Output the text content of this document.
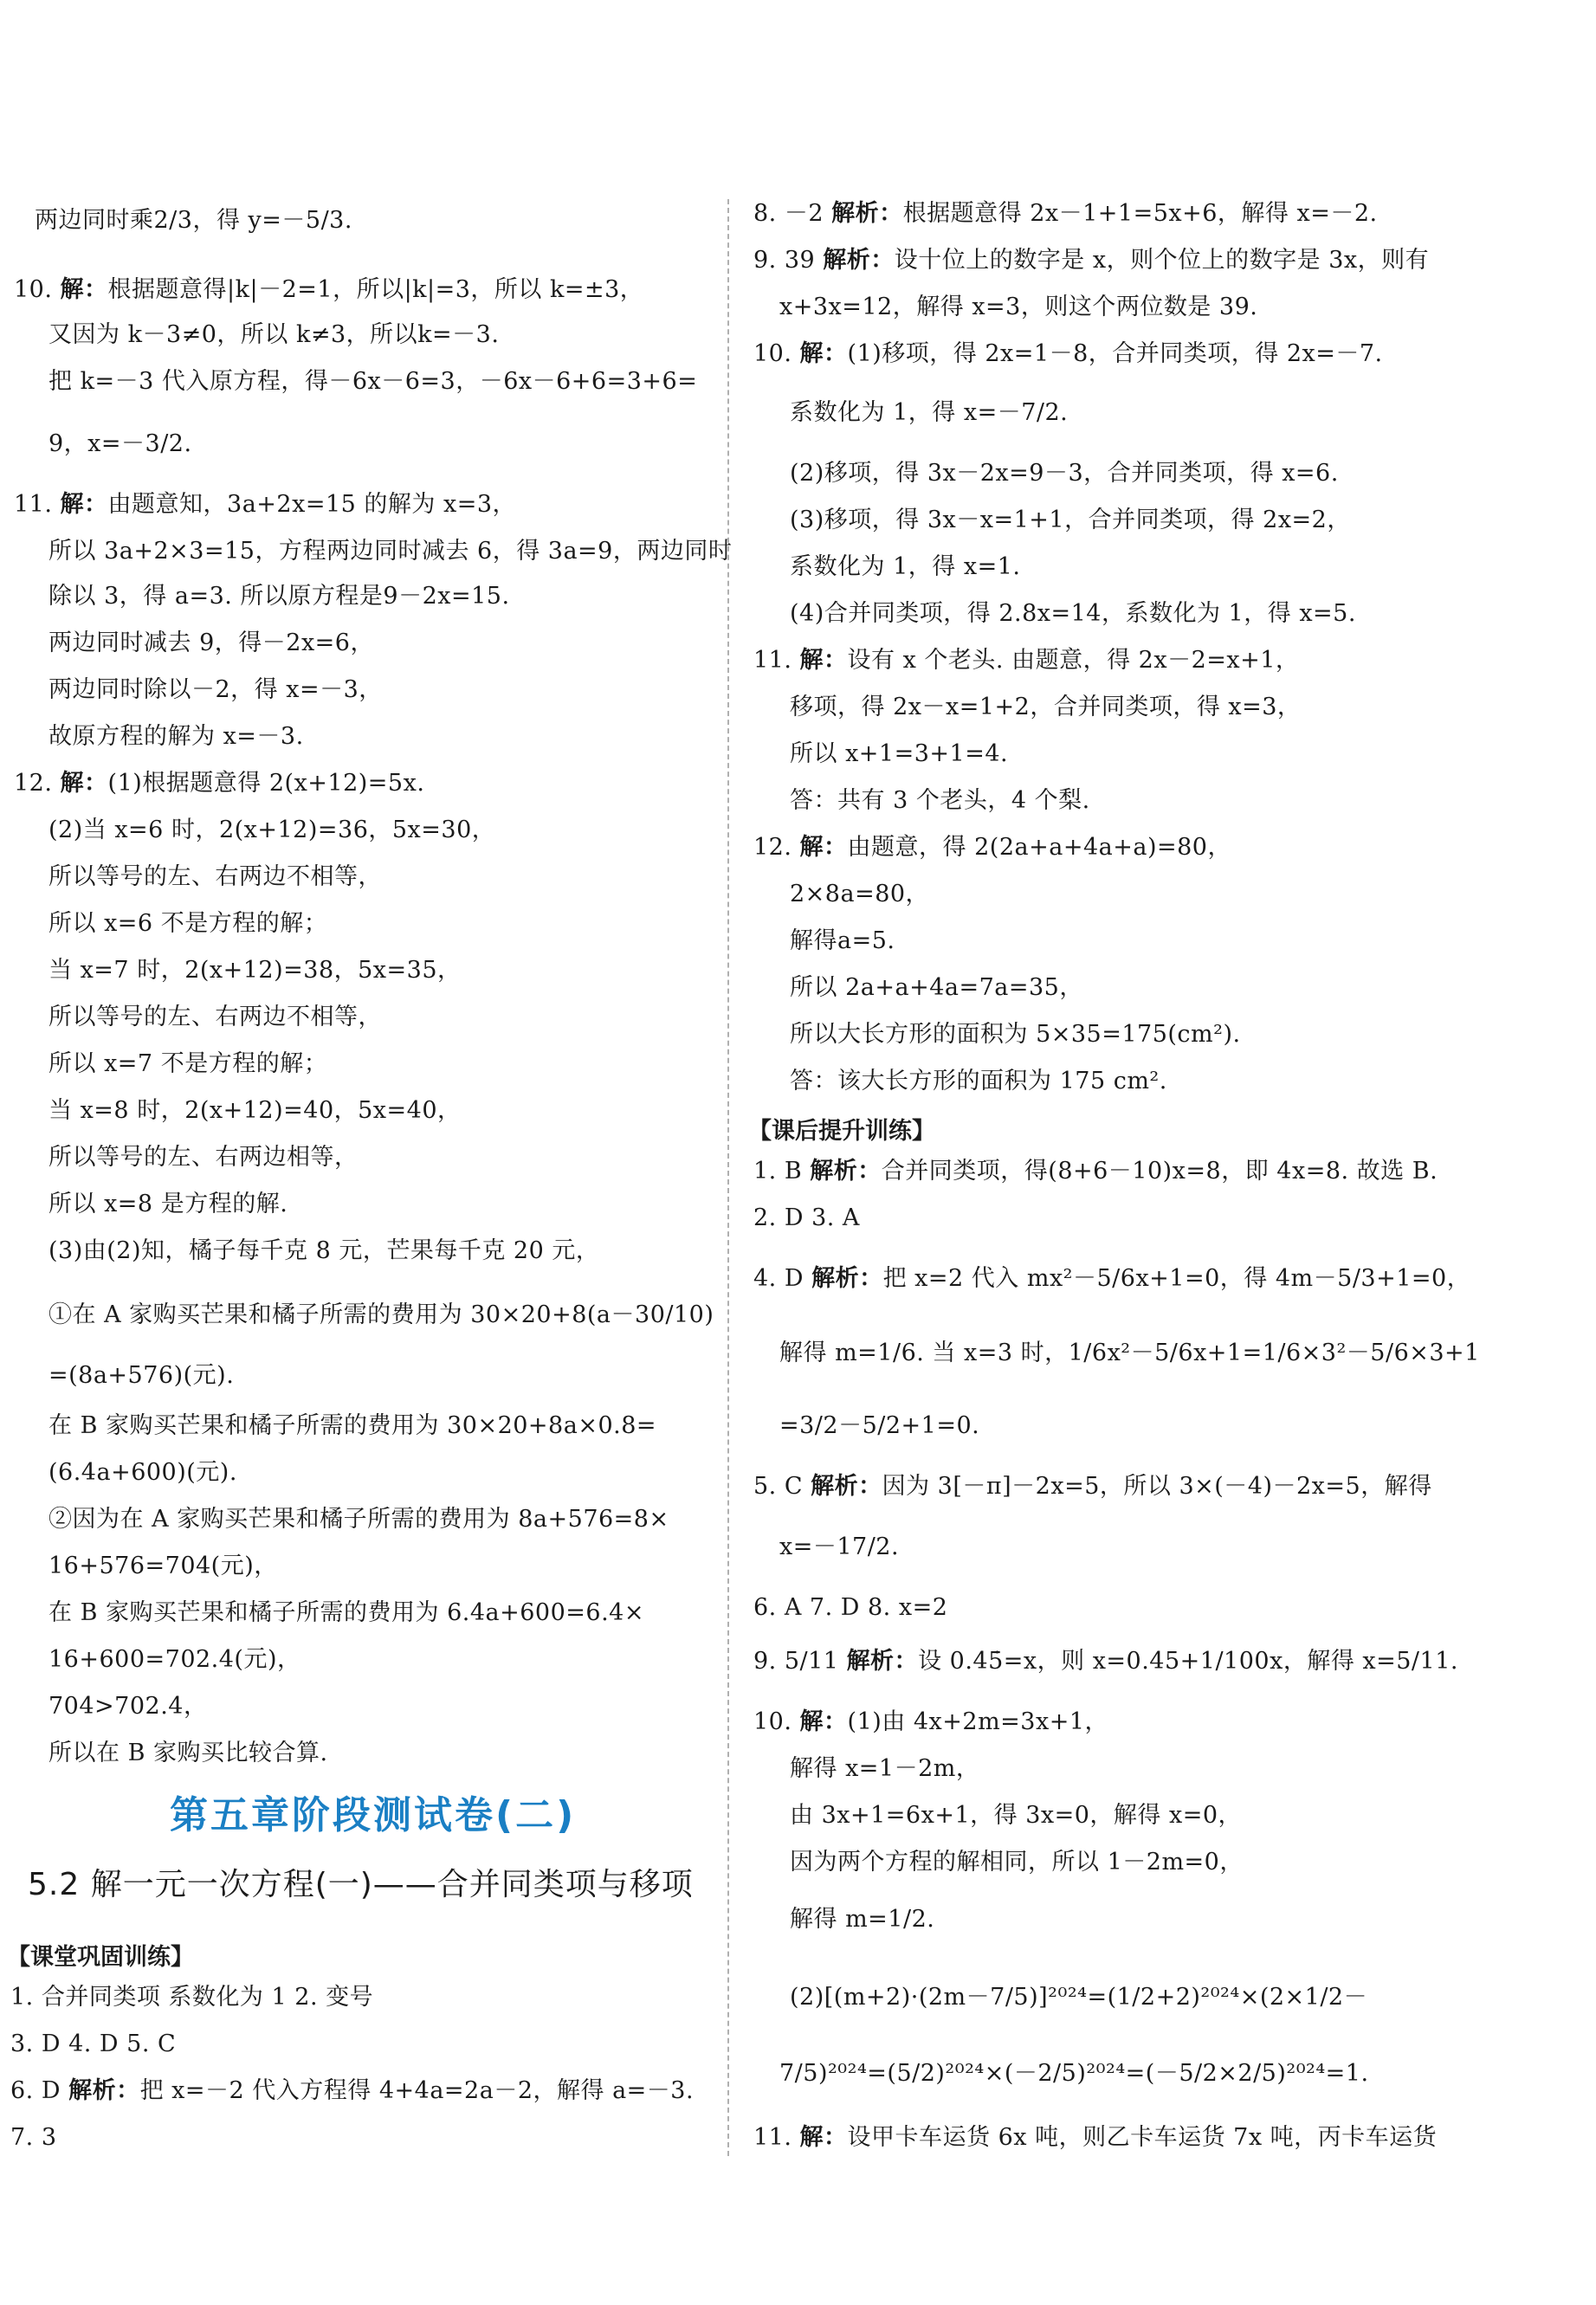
两边同时乘2/3，得 y=－5/3.
10. 解：根据题意得|k|－2=1，所以|k|=3，所以 k=±3，
又因为 k－3≠0，所以 k≠3，所以k=－3.
把 k=－3 代入原方程，得－6x－6=3，－6x－6+6=3+6=
9，x=－3/2.
11. 解：由题意知，3a+2x=15 的解为 x=3，
所以 3a+2×3=15，方程两边同时减去 6，得 3a=9，两边同时
除以 3，得 a=3. 所以原方程是9－2x=15.
两边同时减去 9，得－2x=6，
两边同时除以－2，得 x=－3，
故原方程的解为 x=－3.
12. 解：(1)根据题意得 2(x+12)=5x.
(2)当 x=6 时，2(x+12)=36，5x=30，
所以等号的左、右两边不相等，
所以 x=6 不是方程的解；
当 x=7 时，2(x+12)=38，5x=35，
所以等号的左、右两边不相等，
所以 x=7 不是方程的解；
当 x=8 时，2(x+12)=40，5x=40，
所以等号的左、右两边相等，
所以 x=8 是方程的解.
(3)由(2)知，橘子每千克 8 元，芒果每千克 20 元，
①在 A 家购买芒果和橘子所需的费用为 30×20+8(a－30/10)
=(8a+576)(元).
在 B 家购买芒果和橘子所需的费用为 30×20+8a×0.8=
(6.4a+600)(元).
②因为在 A 家购买芒果和橘子所需的费用为 8a+576=8×
16+576=704(元)，
在 B 家购买芒果和橘子所需的费用为 6.4a+600=6.4×
16+600=702.4(元)，
704>702.4，
所以在 B 家购买比较合算.
第五章阶段测试卷(二)
5.2 解一元一次方程(一)——合并同类项与移项
【课堂巩固训练】
1. 合并同类项 系数化为 1 2. 变号
3. D 4. D 5. C
6. D 解析：把 x=－2 代入方程得 4+4a=2a－2，解得 a=－3.
7. 3
8. －2 解析：根据题意得 2x－1+1=5x+6，解得 x=－2.
9. 39 解析：设十位上的数字是 x，则个位上的数字是 3x，则有
x+3x=12，解得 x=3，则这个两位数是 39.
10. 解：(1)移项，得 2x=1－8，合并同类项，得 2x=－7.
系数化为 1，得 x=－7/2.
(2)移项，得 3x－2x=9－3，合并同类项，得 x=6.
(3)移项，得 3x－x=1+1，合并同类项，得 2x=2，
系数化为 1，得 x=1.
(4)合并同类项，得 2.8x=14，系数化为 1，得 x=5.
11. 解：设有 x 个老头. 由题意，得 2x－2=x+1，
移项，得 2x－x=1+2，合并同类项，得 x=3，
所以 x+1=3+1=4.
答：共有 3 个老头，4 个梨.
12. 解：由题意，得 2(2a+a+4a+a)=80，
2×8a=80，
解得a=5.
所以 2a+a+4a=7a=35，
所以大长方形的面积为 5×35=175(cm²).
答：该大长方形的面积为 175 cm².
【课后提升训练】
1. B 解析：合并同类项，得(8+6－10)x=8，即 4x=8. 故选 B.
2. D 3. A
4. D 解析：把 x=2 代入 mx²－5/6x+1=0，得 4m－5/3+1=0，
解得 m=1/6. 当 x=3 时，1/6x²－5/6x+1=1/6×3²－5/6×3+1
=3/2－5/2+1=0.
5. C 解析：因为 3[－π]－2x=5，所以 3×(－4)－2x=5，解得
x=－17/2.
6. A 7. D 8. x=2
9. 5/11 解析：设 0.4̇5̇=x，则 x=0.45+1/100x，解得 x=5/11.
10. 解：(1)由 4x+2m=3x+1，
解得 x=1－2m，
由 3x+1=6x+1，得 3x=0，解得 x=0，
因为两个方程的解相同，所以 1－2m=0，
解得 m=1/2.
(2)[(m+2)·(2m－7/5)]²⁰²⁴=(1/2+2)²⁰²⁴×(2×1/2－
7/5)²⁰²⁴=(5/2)²⁰²⁴×(－2/5)²⁰²⁴=(－5/2×2/5)²⁰²⁴=1.
11. 解：设甲卡车运货 6x 吨，则乙卡车运货 7x 吨，丙卡车运货
